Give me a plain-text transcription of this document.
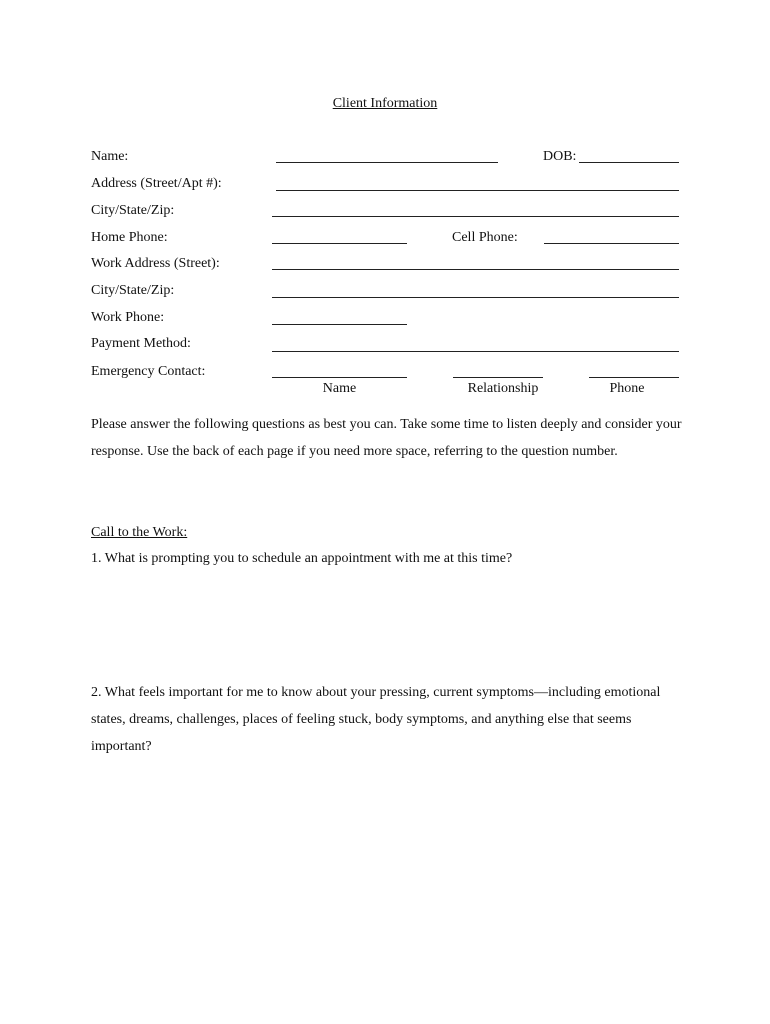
Client Information
Name:	DOB:
Address (Street/Apt #):
City/State/Zip:
Home Phone:	Cell Phone:
Work Address (Street):
City/State/Zip:
Work Phone:
Payment Method:
Emergency Contact:
Name	Relationship	Phone
Please answer the following questions as best you can. Take some time to listen deeply and consider your response. Use the back of each page if you need more space, referring to the question number.
Call to the Work:
1. What is prompting you to schedule an appointment with me at this time?
2. What feels important for me to know about your pressing, current symptoms—including emotional states, dreams, challenges, places of feeling stuck, body symptoms, and anything else that seems important?
